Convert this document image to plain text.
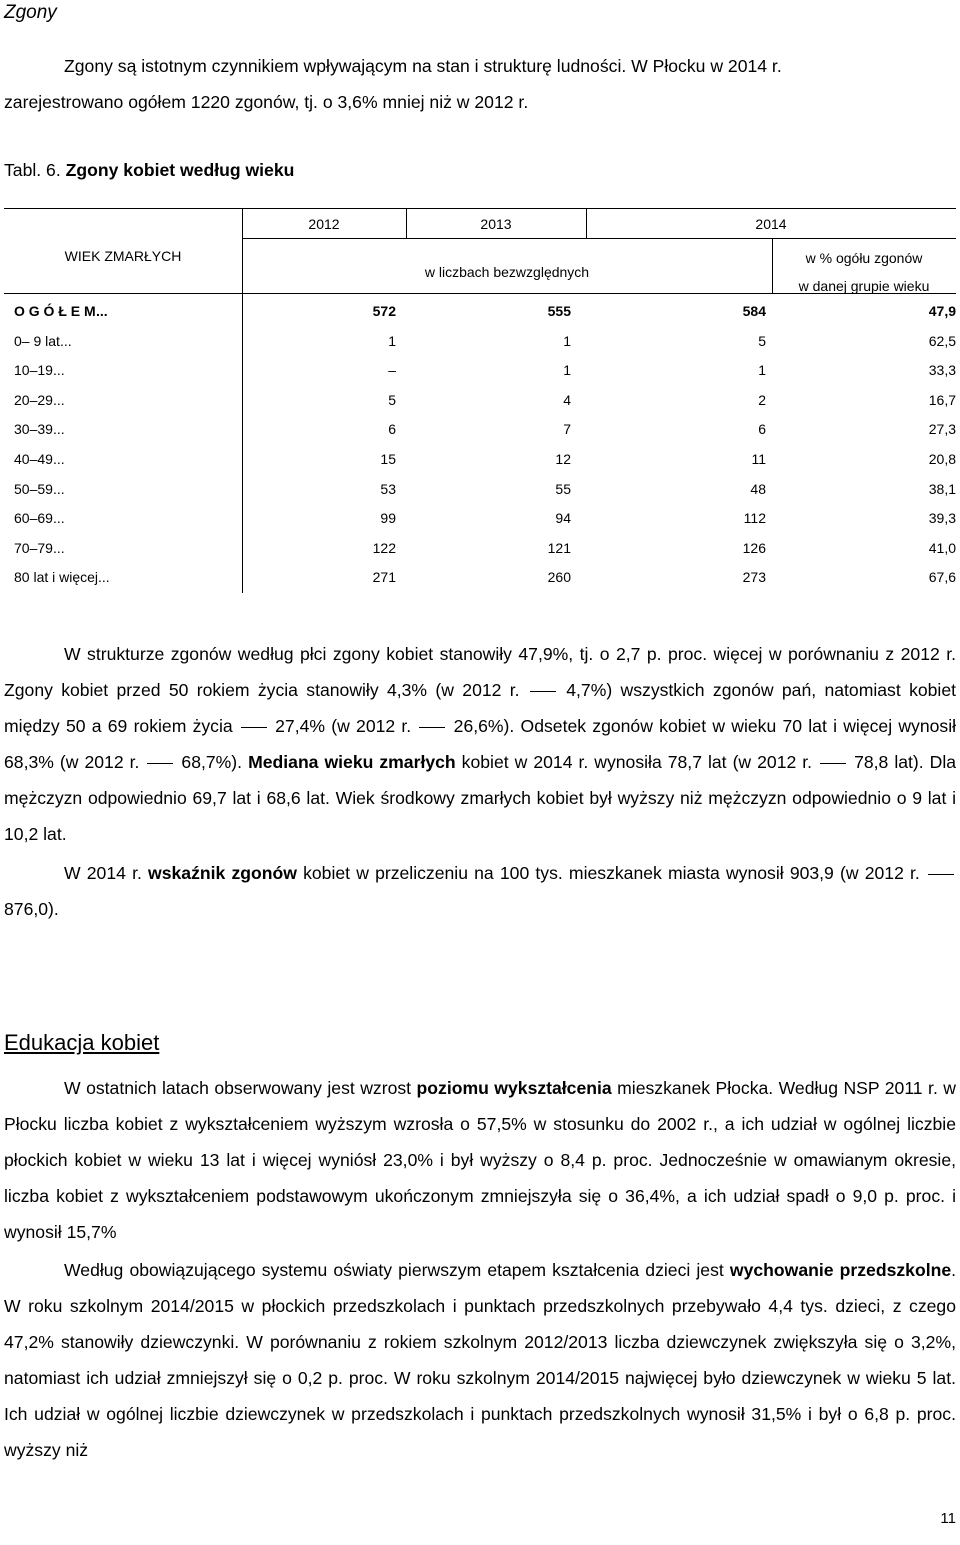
Zgony
Zgony są istotnym czynnikiem wpływającym na stan i strukturę ludności. W Płocku w 2014 r.
zarejestrowano ogółem 1220 zgonów, tj. o 3,6% mniej niż w 2012 r.
Tabl. 6. Zgony kobiet według wieku
WIEK ZMARŁYCH
2012	2013	2014
w liczbach bezwzględnych
w % ogółu zgonów
w danej grupie wieku
O G Ó Ł E M ...	572	555	584	47,9
0– 9 lat ...	1	1	5	62,5
10–19 ...	–	1	1	33,3
20–29 ...	5	4	2	16,7
30–39 ...	6	7	6	27,3
40–49 ...	15	12	11	20,8
50–59 ...	53	55	48	38,1
60–69 ...	99	94	112	39,3
70–79 ...	122	121	126	41,0
80 lat i więcej ...	271	260	273	67,6
W strukturze zgonów według płci zgony kobiet stanowiły 47,9%, tj. o 2,7 p. proc. więcej w porównaniu z 2012 r. Zgony kobiet przed 50 rokiem życia stanowiły 4,3% (w 2012 r.	4,7%) wszystkich zgonów pań, natomiast kobiet między 50 a 69 rokiem życia 27,4% (w 2012 r. 26,6%). Odsetek zgonów kobiet w wieku 70 lat i więcej wynosił 68,3% (w 2012 r. 68,7%). Mediana wieku zmarłych kobiet w 2014 r. wynosiła 78,7 lat (w 2012 r. 78,8 lat). Dla mężczyzn odpowiednio 69,7 lat i 68,6 lat. Wiek środkowy zmarłych kobiet był wyższy niż mężczyzn odpowiednio o 9 lat i 10,2 lat.
W 2014 r. wskaźnik zgonów kobiet w przeliczeniu na 100 tys. mieszkanek miasta wynosił 903,9 (w 2012 r.  876,0).
Edukacja kobiet
W ostatnich latach obserwowany jest wzrost poziomu wykształcenia mieszkanek Płocka. Według NSP 2011 r. w Płocku liczba kobiet z wykształceniem wyższym wzrosła o 57,5% w stosunku do 2002 r., a ich udział w ogólnej liczbie płockich kobiet w wieku 13 lat i więcej wyniósł 23,0% i był wyższy o 8,4 p. proc. Jednocześnie w omawianym okresie, liczba kobiet z wykształceniem podstawowym ukończonym zmniejszyła się o 36,4%, a ich udział spadł o 9,0 p. proc. i wynosił 15,7%
Według obowiązującego systemu oświaty pierwszym etapem kształcenia dzieci jest wychowanie przedszkolne. W roku szkolnym 2014/2015 w płockich przedszkolach i punktach przedszkolnych przebywało 4,4 tys. dzieci, z czego 47,2% stanowiły dziewczynki. W porównaniu z rokiem szkolnym 2012/2013 liczba dziewczynek zwiększyła się o 3,2%, natomiast ich udział zmniejszył się o 0,2 p. proc. W roku szkolnym 2014/2015 najwięcej było dziewczynek w wieku 5 lat. Ich udział w ogólnej liczbie dziewczynek w przedszkolach i punktach przedszkolnych wynosił 31,5% i był o 6,8 p. proc. wyższy niż
11
